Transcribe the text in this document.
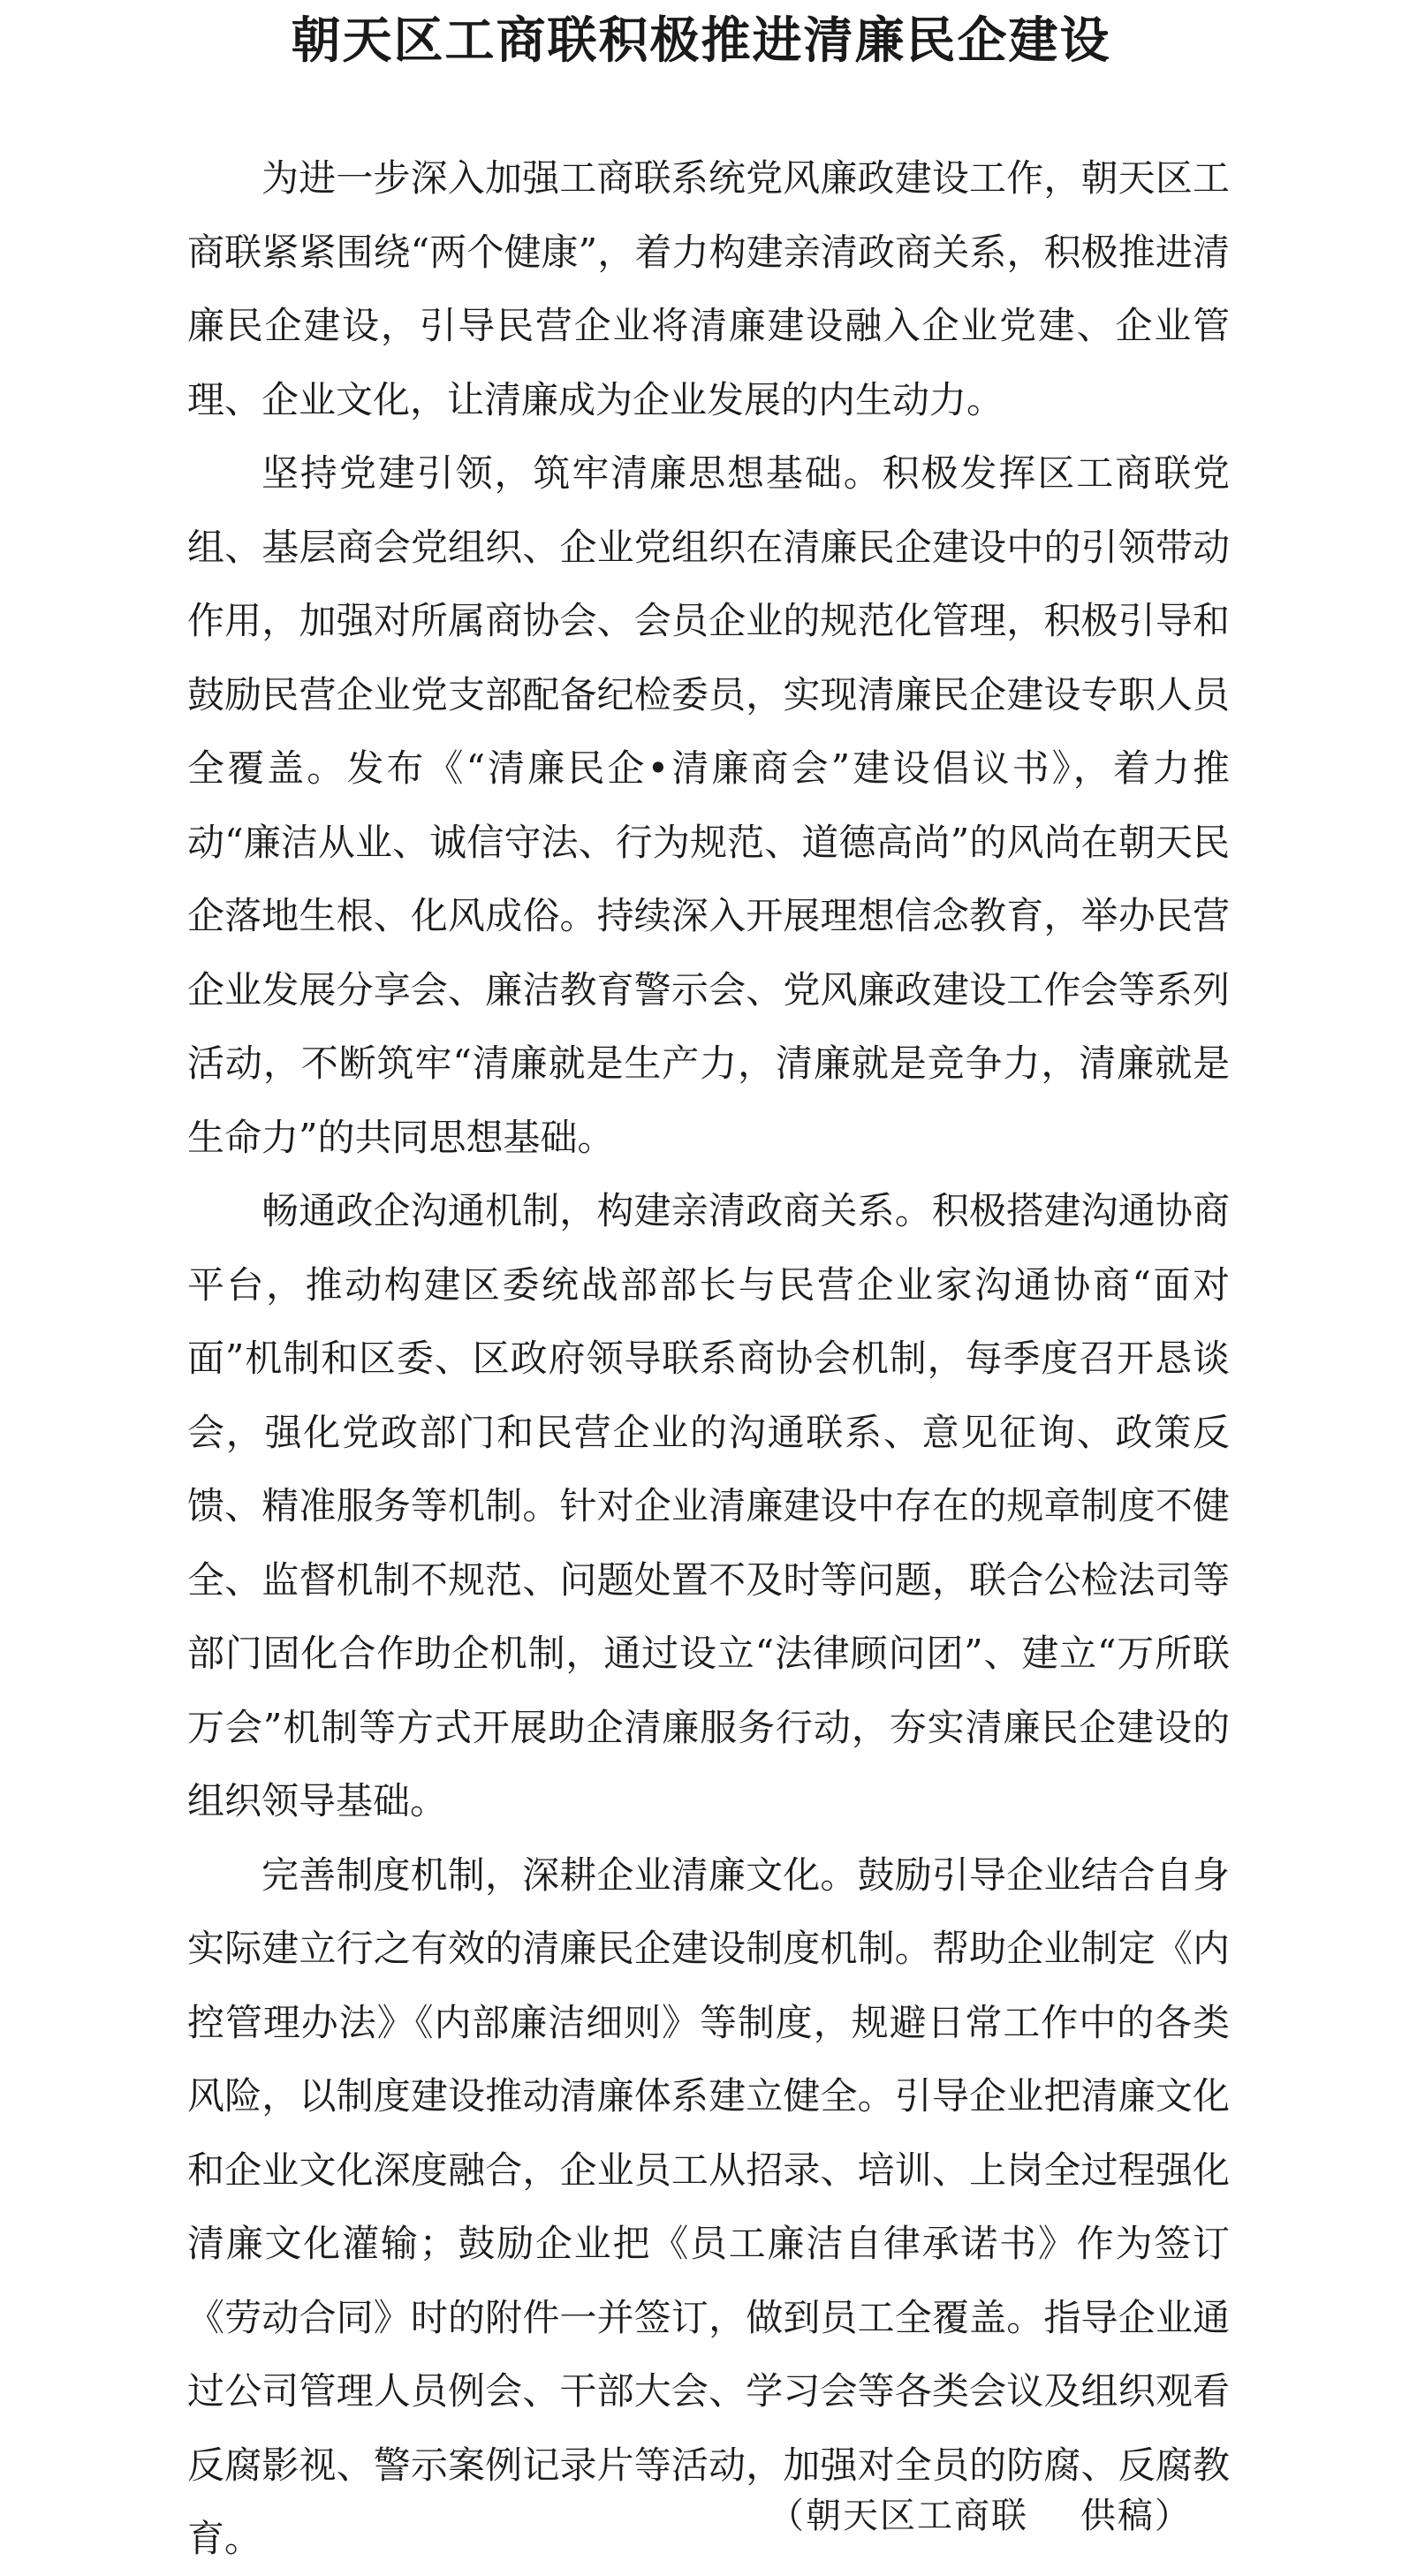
朝天区工商联积极推进清廉民企建设

为进一步深入加强工商联系统党风廉政建设工作，朝天区工商联紧紧围绕“两个健康”，着力构建亲清政商关系，积极推进清廉民企建设，引导民营企业将清廉建设融入企业党建、企业管理、企业文化，让清廉成为企业发展的内生动力。

坚持党建引领，筑牢清廉思想基础。积极发挥区工商联党组、基层商会党组织、企业党组织在清廉民企建设中的引领带动作用，加强对所属商协会、会员企业的规范化管理，积极引导和鼓励民营企业党支部配备纪检委员，实现清廉民企建设专职人员全覆盖。发布《“清廉民企•清廉商会”建设倡议书》，着力推动“廉洁从业、诚信守法、行为规范、道德高尚”的风尚在朝天民企落地生根、化风成俗。持续深入开展理想信念教育，举办民营企业发展分享会、廉洁教育警示会、党风廉政建设工作会等系列活动，不断筑牢“清廉就是生产力，清廉就是竞争力，清廉就是生命力”的共同思想基础。

畅通政企沟通机制，构建亲清政商关系。积极搭建沟通协商平台，推动构建区委统战部部长与民营企业家沟通协商“面对面”机制和区委、区政府领导联系商协会机制，每季度召开恳谈会，强化党政部门和民营企业的沟通联系、意见征询、政策反馈、精准服务等机制。针对企业清廉建设中存在的规章制度不健全、监督机制不规范、问题处置不及时等问题，联合公检法司等部门固化合作助企机制，通过设立“法律顾问团”、建立“万所联万会”机制等方式开展助企清廉服务行动，夯实清廉民企建设的组织领导基础。

完善制度机制，深耕企业清廉文化。鼓励引导企业结合自身实际建立行之有效的清廉民企建设制度机制。帮助企业制定《内控管理办法》《内部廉洁细则》等制度，规避日常工作中的各类风险，以制度建设推动清廉体系建立健全。引导企业把清廉文化和企业文化深度融合，企业员工从招录、培训、上岗全过程强化清廉文化灌输；鼓励企业把《员工廉洁自律承诺书》作为签订《劳动合同》时的附件一并签订，做到员工全覆盖。指导企业通过公司管理人员例会、干部大会、学习会等各类会议及组织观看反腐影视、警示案例记录片等活动，加强对全员的防腐、反腐教育。

（朝天区工商联    供稿）
